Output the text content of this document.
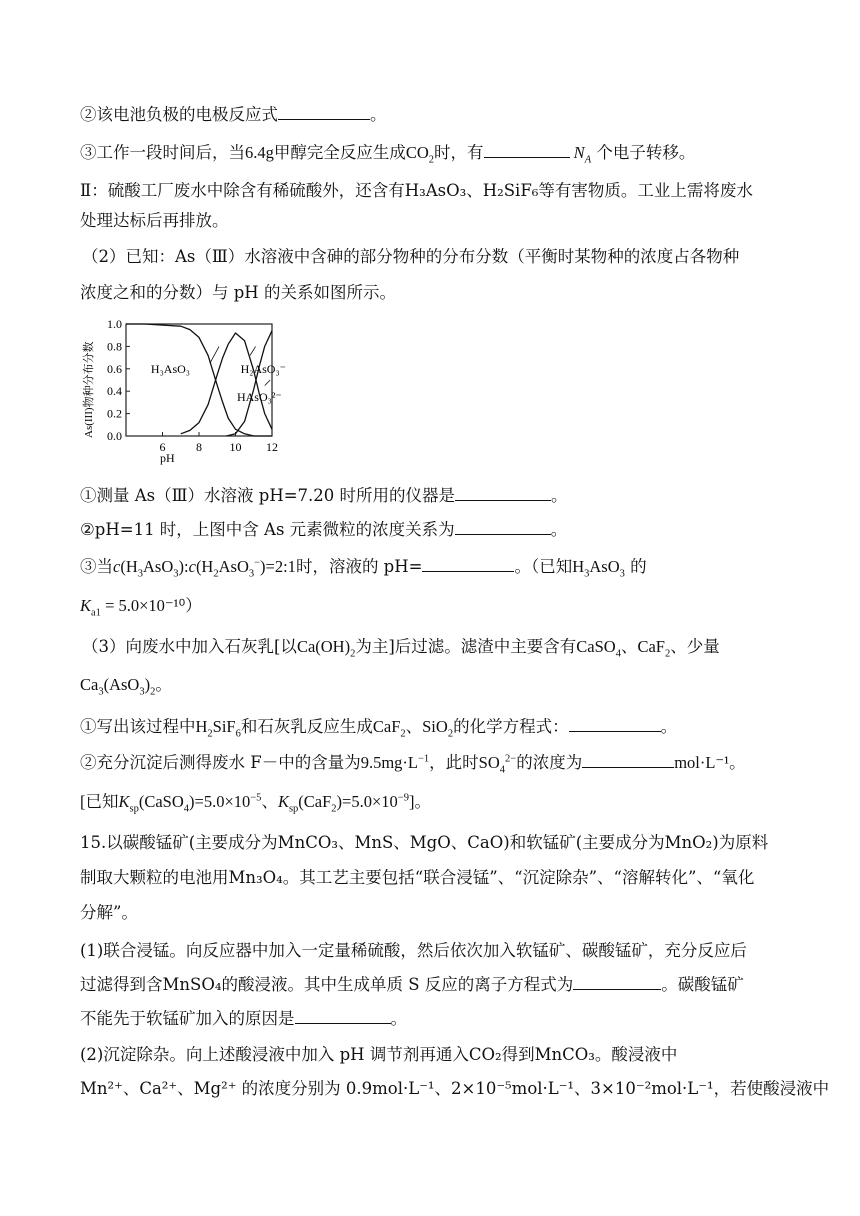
②该电池负极的电极反应式	。
③工作一段时间后，当6.4g甲醇完全反应生成$CO_2$时，有	$N_A$ 个电子转移。
Ⅱ：硫酸工厂废水中除含有稀硫酸外，还含有H₃AsO₃、H₂SiF₆等有害物质。工业上需将废水
处理达标后再排放。
（2）已知：As（Ⅲ）水溶液中含砷的部分物种的分布分数（平衡时某物种的浓度占各物种
浓度之和的分数）与 pH 的关系如图所示。
As(III)物种分布分数 0.0
0.2
0.4
0.6
0.8
1.0
6	8 10 12
H₃AsO₃	H₂AsO₃⁻
HAsO₃²⁻
pH
①测量 As（Ⅲ）水溶液 pH=7.20 时所用的仪器是	。
②pH=11 时，上图中含 As 元素微粒的浓度关系为	。
③当$c(H_3AsO_3):c(H_2AsO_3^-)=2:1$时，溶液的 pH=	。（已知$H_3AsO_3$ 的
$K_{a1} = 5.0\times 10^{-10}$）
（3）向废水中加入石灰乳[以$Ca(OH)_2$为主]后过滤。滤渣中主要含有CaSO$_4$、CaF$_2$、少量
$Ca_3(AsO_3)_2$。
①写出该过程中$H_2SiF_6$和石灰乳反应生成CaF$_2$、SiO$_2$的化学方程式：	。
②充分沉淀后测得废水 F－中的含量为$9.5mg\cdot L^{-1}$，此时$SO_4^{2-}$的浓度为	mol·L⁻¹。
[已知$K_{sp}(CaSO_4)=5.0\times 10^{-5}$、$K_{sp}(CaF_2)=5.0\times 10^{-9}$]。
15.以碳酸锰矿(主要成分为MnCO₃、MnS、MgO、CaO)和软锰矿(主要成分为MnO₂)为原料
制取大颗粒的电池用Mn₃O₄。其工艺主要包括“联合浸锰”、“沉淀除杂”、“溶解转化”、“氧化
分解”。
(1)联合浸锰。向反应器中加入一定量稀硫酸，然后依次加入软锰矿、碳酸锰矿，充分反应后
过滤得到含MnSO₄的酸浸液。其中生成单质 S 反应的离子方程式为	。碳酸锰矿
不能先于软锰矿加入的原因是	。
(2)沉淀除杂。向上述酸浸液中加入 pH 调节剂再通入CO₂得到MnCO₃。酸浸液中
Mn²⁺、Ca²⁺、Mg²⁺ 的浓度分别为 0.9mol·L⁻¹、2×10⁻⁵mol·L⁻¹、3×10⁻²mol·L⁻¹，若使酸浸液中
